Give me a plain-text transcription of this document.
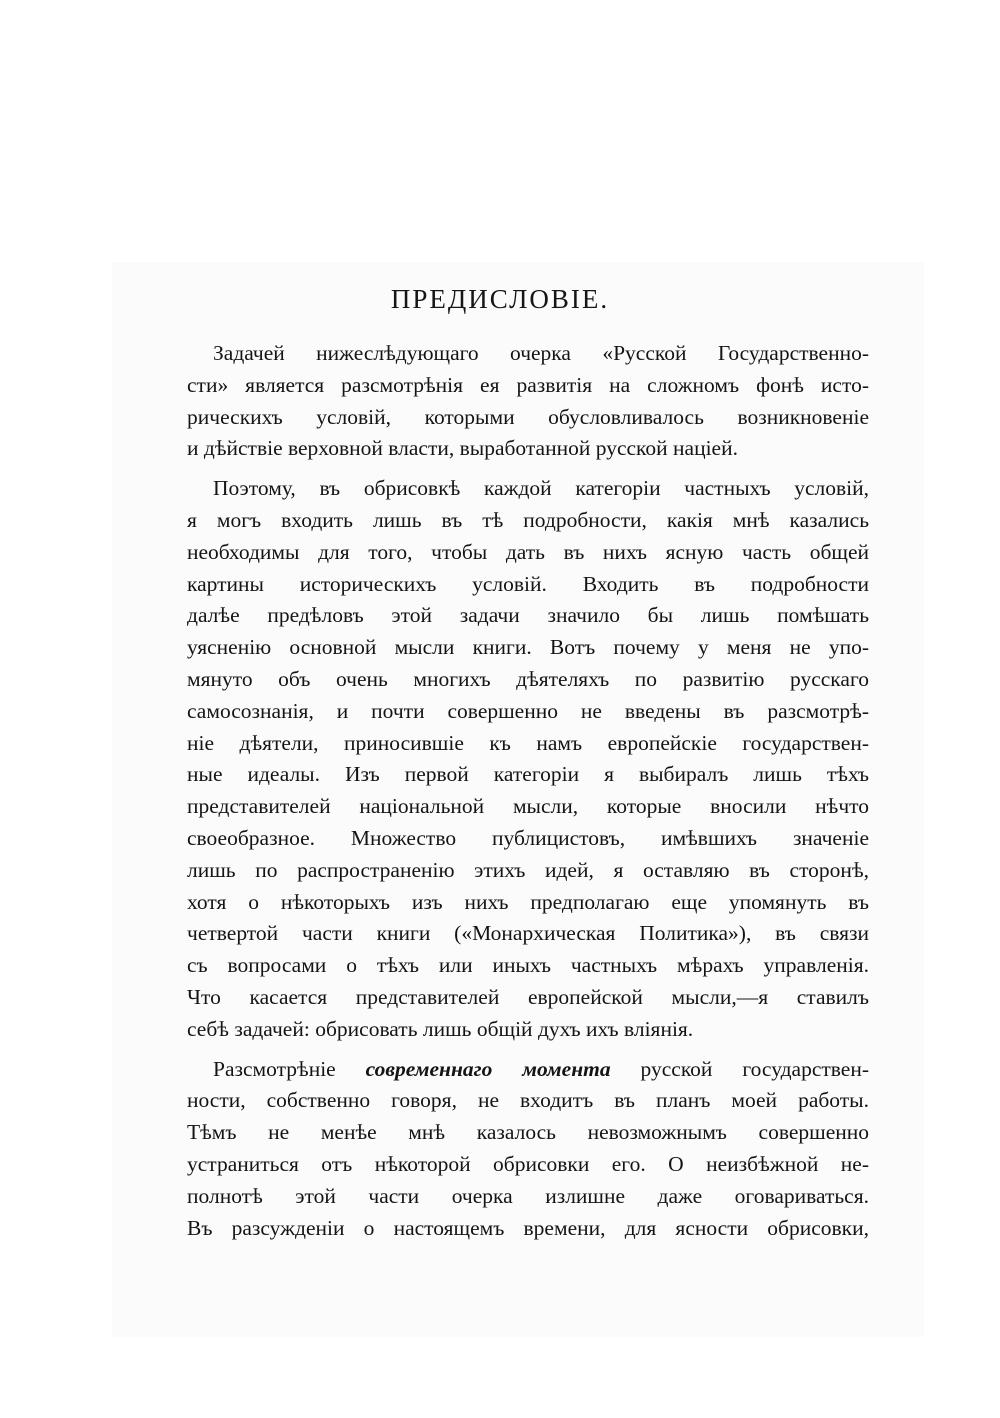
ПРЕДИСЛОВІЕ.
Задачей нижеслѣдующаго очерка «Русской Государственно-
сти» является разсмотрѣнія ея развитія на сложномъ фонѣ исто-
рическихъ условій, которыми обусловливалось возникновеніе
и дѣйствіе верховной власти, выработанной русской націей.
Поэтому, въ обрисовкѣ каждой категоріи частныхъ условій,
я могъ входить лишь въ тѣ подробности, какія мнѣ казались
необходимы для того, чтобы дать въ нихъ ясную часть общей
картины историческихъ условій. Входить въ подробности
далѣе предѣловъ этой задачи значило бы лишь помѣшать
уясненію основной мысли книги. Вотъ почему у меня не упо-
мянуто объ очень многихъ дѣятеляхъ по развитію русскаго
самосознанія, и почти совершенно не введены въ разсмотрѣ-
ніе дѣятели, приносившіе къ намъ европейскіе государствен-
ные идеалы. Изъ первой категоріи я выбиралъ лишь тѣхъ
представителей національной мысли, которые вносили нѣчто
своеобразное. Множество публицистовъ, имѣвшихъ значеніе
лишь по распространенію этихъ идей, я оставляю въ сторонѣ,
хотя о нѣкоторыхъ изъ нихъ предполагаю еще упомянуть въ
четвертой части книги («Монархическая Политика»), въ связи
съ вопросами о тѣхъ или иныхъ частныхъ мѣрахъ управленія.
Что касается представителей европейской мысли,—я ставилъ
себѣ задачей: обрисовать лишь общій духъ ихъ вліянія.
Разсмотрѣніе современнаго момента русской государствен-
ности, собственно говоря, не входитъ въ планъ моей работы.
Тѣмъ не менѣе мнѣ казалось невозможнымъ совершенно
устраниться отъ нѣкоторой обрисовки его. О неизбѣжной не-
полнотѣ этой части очерка излишне даже оговариваться.
Въ разсужденіи о настоящемъ времени, для ясности обрисовки,
